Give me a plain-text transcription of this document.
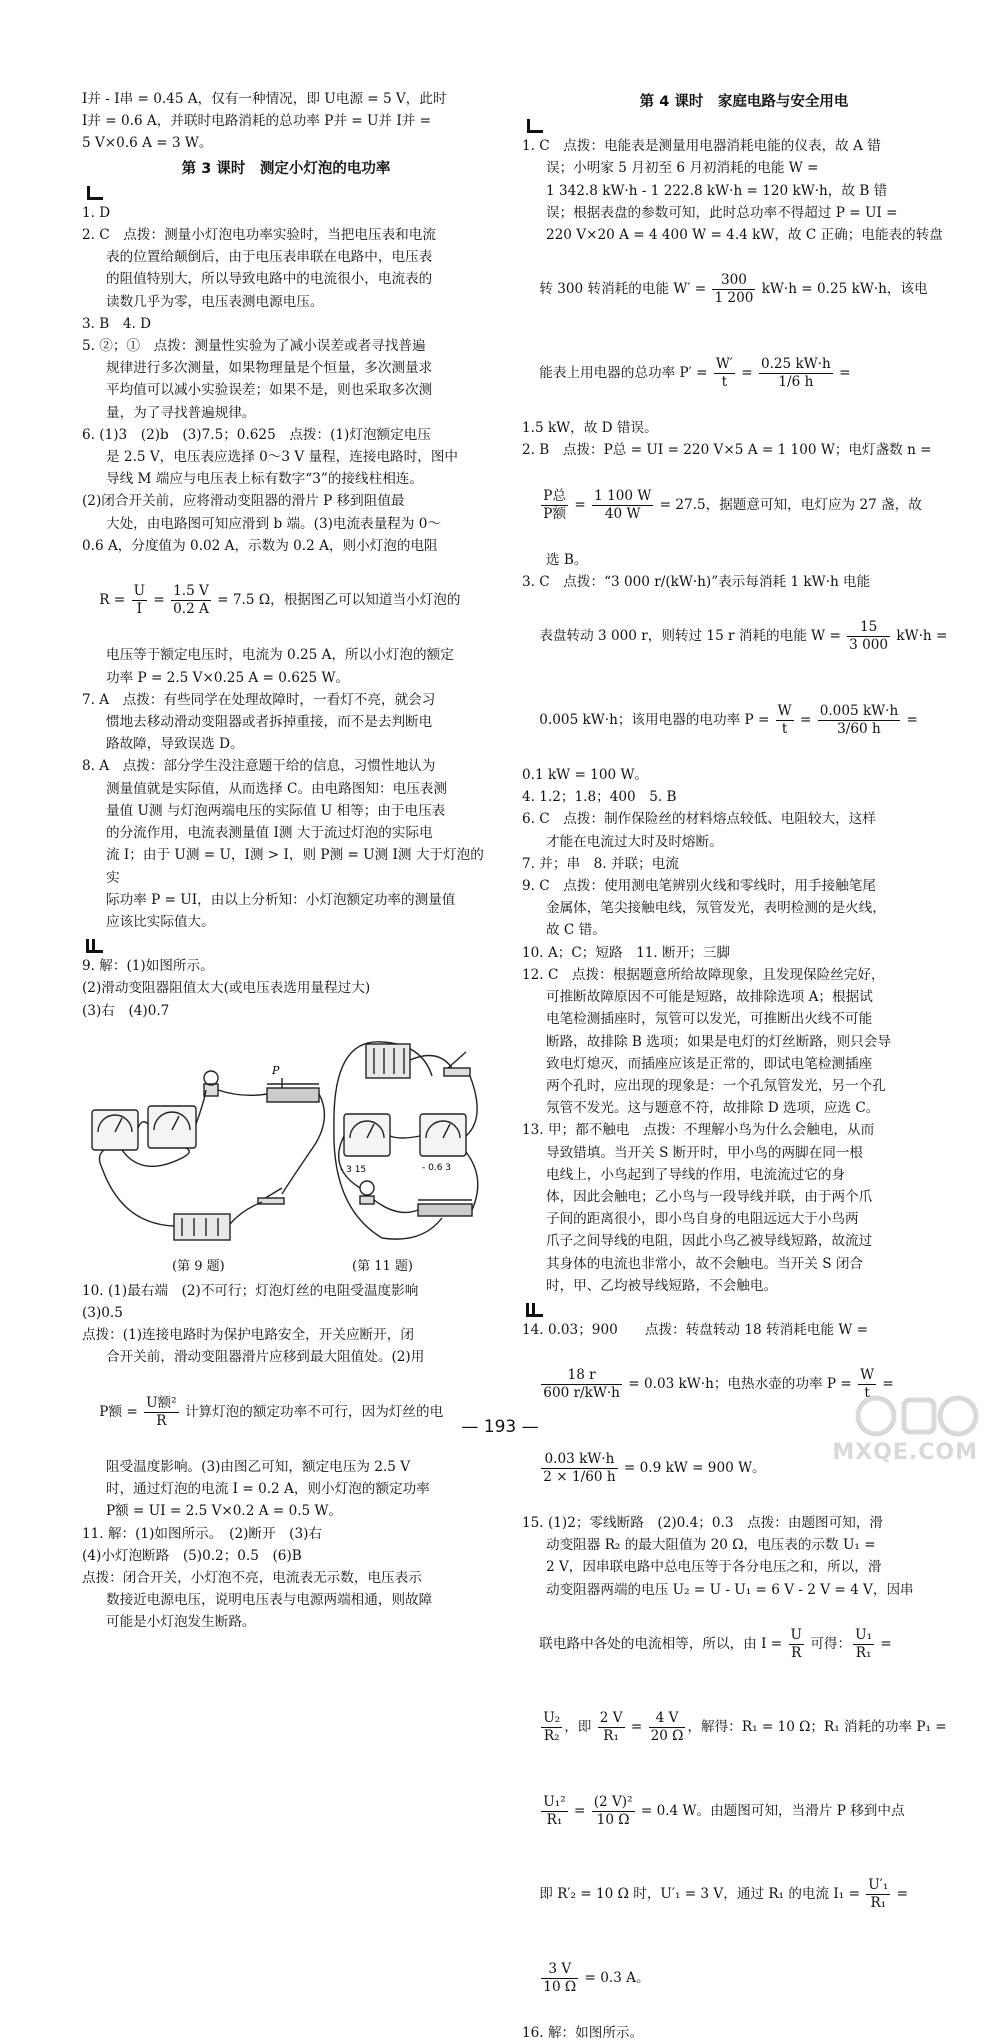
I并 - I串 = 0.45 A，仅有一种情况，即 U电源 = 5 V，此时
I并 = 0.6 A，并联时电路消耗的总功率 P并 = U并 I并 =
5 V×0.6 A = 3 W。
第 3 课时　测定小灯泡的电功率
1. D
2. C　点拨：测量小灯泡电功率实验时，当把电压表和电流
表的位置给颠倒后，由于电压表串联在电路中，电压表
的阻值特别大，所以导致电路中的电流很小，电流表的
读数几乎为零，电压表测电源电压。
3. B　4. D
5. ②；①　点拨：测量性实验为了减小误差或者寻找普遍
规律进行多次测量，如果物理量是个恒量，多次测量求
平均值可以减小实验误差；如果不是，则也采取多次测
量，为了寻找普遍规律。
6. (1)3　(2)b　(3)7.5；0.625　点拨：(1)灯泡额定电压
是 2.5 V，电压表应选择 0～3 V 量程，连接电路时，图中
导线 M 端应与电压表上标有数字“3”的接线柱相连。
(2)闭合开关前，应将滑动变阻器的滑片 P 移到阻值最
大处，由电路图可知应滑到 b 端。(3)电流表量程为 0～
0.6 A，分度值为 0.02 A，示数为 0.2 A，则小灯泡的电阻

$R = \frac{U}{I} = \frac{1.5 V}{0.2 A} = 7.5$ Ω，根据图乙可以知道当小灯泡的

电压等于额定电压时，电流为 0.25 A，所以小灯泡的额定
功率 P = 2.5 V×0.25 A = 0.625 W。
7. A　点拨：有些同学在处理故障时，一看灯不亮，就会习
惯地去移动滑动变阻器或者拆掉重接，而不是去判断电
路故障，导致误选 D。
8. A　点拨：部分学生没注意题干给的信息，习惯性地认为
测量值就是实际值，从而选择 C。由电路图知：电压表测
量值 U测 与灯泡两端电压的实际值 U 相等；由于电压表
的分流作用，电流表测量值 I测 大于流过灯泡的实际电
流 I；由于 U测 = U，I测 > I，则 P测 = U测 I测 大于灯泡的实
际功率 P = UI，由以上分析知：小灯泡额定功率的测量值
应该比实际值大。
9. 解：(1)如图所示。
(2)滑动变阻器阻值太大(或电压表选用量程过大)
(3)右　(4)0.7
P
- 3 15	- 0.6 3
(第 9 题)	(第 11 题)
10. (1)最右端　(2)不可行；灯泡灯丝的电阻受温度影响
(3)0.5
点拨：(1)连接电路时为保护电路安全，开关应断开，闭
合开关前，滑动变阻器滑片应移到最大阻值处。(2)用

P额 = $\frac{\text{U额²}}{R}$ 计算灯泡的额定功率不可行，因为灯丝的电

阻受温度影响。(3)由图乙可知，额定电压为 2.5 V
时，通过灯泡的电流 I = 0.2 A，则小灯泡的额定功率
P额 = UI = 2.5 V×0.2 A = 0.5 W。
11. 解：(1)如图所示。　(2)断开　(3)右
(4)小灯泡断路　(5)0.2；0.5　(6)B
点拨：闭合开关，小灯泡不亮，电流表无示数，电压表示
数接近电源电压，说明电压表与电源两端相通，则故障
可能是小灯泡发生断路。
第 4 课时　家庭电路与安全用电
1. C　点拨：电能表是测量用电器消耗电能的仪表，故 A 错
误；小明家 5 月初至 6 月初消耗的电能 W =
1 342.8 kW·h - 1 222.8 kW·h = 120 kW·h，故 B 错
误；根据表盘的参数可知，此时总功率不得超过 P = UI =
220 V×20 A = 4 400 W = 4.4 kW，故 C 正确；电能表的转盘

转 300 转消耗的电能 $W' = \frac{300}{1 200} kW\cdot h = 0.25$ kW·h，该电

能表上用电器的总功率 $P' = \frac{W'}{t} = \frac{0.25 kW\cdot h}{1/6 h}$ =

1.5 kW，故 D 错误。
2. B　点拨：P总 = UI = 220 V×5 A = 1 100 W；电灯盏数 n =

$\frac{\text{P总}}{\text{P额}} = \frac{1 100 W}{40 W} = 27.5$，据题意可知，电灯应为 27 盏，故

选 B。
3. C　点拨：“3 000 r/(kW·h)”表示每消耗 1 kW·h 电能

表盘转动 3 000 r，则转过 15 r 消耗的电能 $W = \frac{15}{3 000} kW\cdot h$ =

0.005 kW·h；该用电器的电功率 $P = \frac{W}{t} = \frac{0.005 kW\cdot h}{3/60 h}$ =

0.1 kW = 100 W。
4. 1.2；1.8；400　5. B
6. C　点拨：制作保险丝的材料熔点较低、电阻较大，这样
才能在电流过大时及时熔断。
7. 并；串　8. 并联；电流
9. C　点拨：使用测电笔辨别火线和零线时，用手接触笔尾
金属体，笔尖接触电线，氖管发光，表明检测的是火线，
故 C 错。
10. A；C；短路　11. 断开；三脚
12. C　点拨：根据题意所给故障现象，且发现保险丝完好，
可推断故障原因不可能是短路，故排除选项 A；根据试
电笔检测插座时，氖管可以发光，可推断出火线不可能
断路，故排除 B 选项；如果是电灯的灯丝断路，则只会导
致电灯熄灭，而插座应该是正常的，即试电笔检测插座
两个孔时，应出现的现象是：一个孔氖管发光，另一个孔
氖管不发光。这与题意不符，故排除 D 选项，应选 C。
13. 甲；都不触电　点拨：不理解小鸟为什么会触电，从而
导致错填。当开关 S 断开时，甲小鸟的两脚在同一根
电线上，小鸟起到了导线的作用，电流流过它的身
体，因此会触电；乙小鸟与一段导线并联，由于两个爪
子间的距离很小，即小鸟自身的电阻远远大于小鸟两
爪子之间导线的电阻，因此小鸟乙被导线短路，故流过
其身体的电流也非常小，故不会触电。当开关 S 闭合
时，甲、乙均被导线短路，不会触电。
14. 0.03；900　　点拨：转盘转动 18 转消耗电能 W =

$\frac{18 r}{600 r/kW\cdot h} = 0.03$ kW·h；电热水壶的功率 $P = \frac{W}{t}$ =

$\frac{0.03 kW\cdot h}{2 \times 1/60 h} = 0.9$ kW = 900 W。

15. (1)2；零线断路　(2)0.4；0.3　点拨：由题图可知，滑
动变阻器 R₂ 的最大阻值为 20 Ω，电压表的示数 U₁ =
2 V，因串联电路中总电压等于各分电压之和，所以，滑
动变阻器两端的电压 U₂ = U - U₁ = 6 V - 2 V = 4 V，因串

联电路中各处的电流相等，所以，由 $I = \frac{U}{R}$ 可得： $\frac{\text{U₁}}{\text{R₁}}$ =

$\frac{\text{U₂}}{\text{R₂}}$ ，即 $\frac{2 V}{\text{R₁}} = \frac{4 V}{20 \Omega}$ ，解得：R₁ = 10 Ω；R₁ 消耗的功率 P₁ =

$\frac{\text{U₁²}}{\text{R₁}} = \frac{\text{(2 V)²}}{10 \Omega} = 0.4$ W。由题图可知，当滑片 P 移到中点

即 R′₂ = 10 Ω 时，U′₁ = 3 V，通过 R₁ 的电流 $I_1 = \frac{\text{U′₁}}{\text{R₁}}$ =

$\frac{3 V}{10 \Omega} = 0.3$ A。

16. 解：如图所示。
— 193 —
MXQE.COM
